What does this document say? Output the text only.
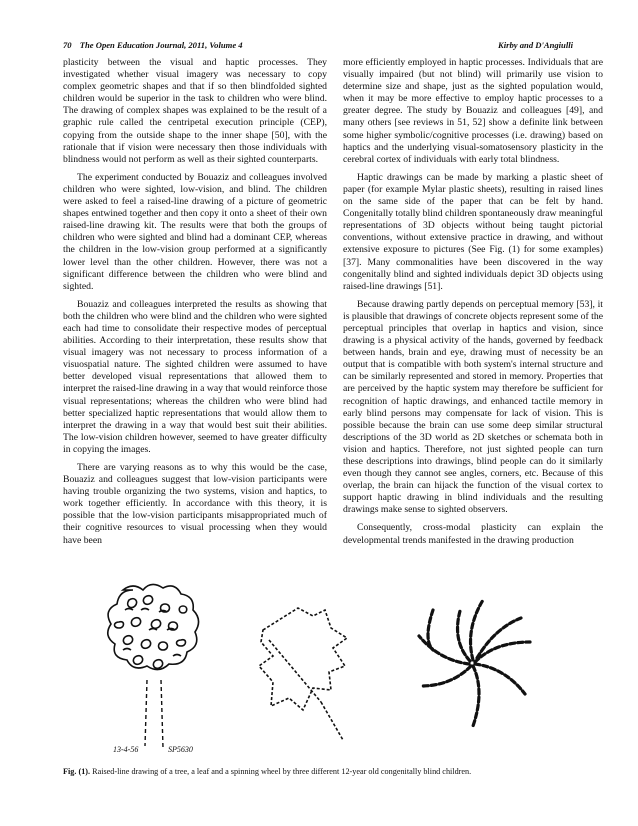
70 The Open Education Journal, 2011, Volume 4	Kirby and D'Angiulli

plasticity between the visual and haptic processes. They investigated whether visual imagery was necessary to copy complex geometric shapes and that if so then blindfolded sighted children would be superior in the task to children who were blind. The drawing of complex shapes was explained to be the result of a graphic rule called the centripetal execution principle (CEP), copying from the outside shape to the inner shape [50], with the rationale that if vision were necessary then those individuals with blindness would not perform as well as their sighted counterparts.

The experiment conducted by Bouaziz and colleagues involved children who were sighted, low-vision, and blind. The children were asked to feel a raised-line drawing of a picture of geometric shapes entwined together and then copy it onto a sheet of their own raised-line drawing kit. The results were that both the groups of children who were sighted and blind had a dominant CEP, whereas the children in the low-vision group performed at a significantly lower level than the other children. However, there was not a significant difference between the children who were blind and sighted.

Bouaziz and colleagues interpreted the results as showing that both the children who were blind and the children who were sighted each had time to consolidate their respective modes of perceptual abilities. According to their interpretation, these results show that visual imagery was not necessary to process information of a visuospatial nature. The sighted children were assumed to have better developed visual representations that allowed them to interpret the raised-line drawing in a way that would reinforce those visual representations; whereas the children who were blind had better specialized haptic representations that would allow them to interpret the drawing in a way that would best suit their abilities. The low-vision children however, seemed to have greater difficulty in copying the images.

There are varying reasons as to why this would be the case, Bouaziz and colleagues suggest that low-vision participants were having trouble organizing the two systems, vision and haptics, to work together efficiently. In accordance with this theory, it is possible that the low-vision participants misappropriated much of their cognitive resources to visual processing when they would have been

more efficiently employed in haptic processes. Individuals that are visually impaired (but not blind) will primarily use vision to determine size and shape, just as the sighted population would, when it may be more effective to employ haptic processes to a greater degree. The study by Bouaziz and colleagues [49], and many others [see reviews in 51, 52] show a definite link between some higher symbolic/cognitive processes (i.e. drawing) based on haptics and the underlying visual-somatosensory plasticity in the cerebral cortex of individuals with early total blindness.

Haptic drawings can be made by marking a plastic sheet of paper (for example Mylar plastic sheets), resulting in raised lines on the same side of the paper that can be felt by hand. Congenitally totally blind children spontaneously draw meaningful representations of 3D objects without being taught pictorial conventions, without extensive practice in drawing, and without extensive exposure to pictures (See Fig. (1) for some examples) [37]. Many commonalities have been discovered in the way congenitally blind and sighted individuals depict 3D objects using raised-line drawings [51].

Because drawing partly depends on perceptual memory [53], it is plausible that drawings of concrete objects represent some of the perceptual principles that overlap in haptics and vision, since drawing is a physical activity of the hands, governed by feedback between hands, brain and eye, drawing must of necessity be an output that is compatible with both system's internal structure and can be similarly represented and stored in memory. Properties that are perceived by the haptic system may therefore be sufficient for recognition of haptic drawings, and enhanced tactile memory in early blind persons may compensate for lack of vision. This is possible because the brain can use some deep similar structural descriptions of the 3D world as 2D sketches or schemata both in vision and haptics. Therefore, not just sighted people can turn these descriptions into drawings, blind people can do it similarly even though they cannot see angles, corners, etc. Because of this overlap, the brain can hijack the function of the visual cortex to support haptic drawing in blind individuals and the resulting drawings make sense to sighted observers.

Consequently, cross-modal plasticity can explain the developmental trends manifested in the drawing production

13-4-56	SP5630
Fig. (1). Raised-line drawing of a tree, a leaf and a spinning wheel by three different 12-year old congenitally blind children.
